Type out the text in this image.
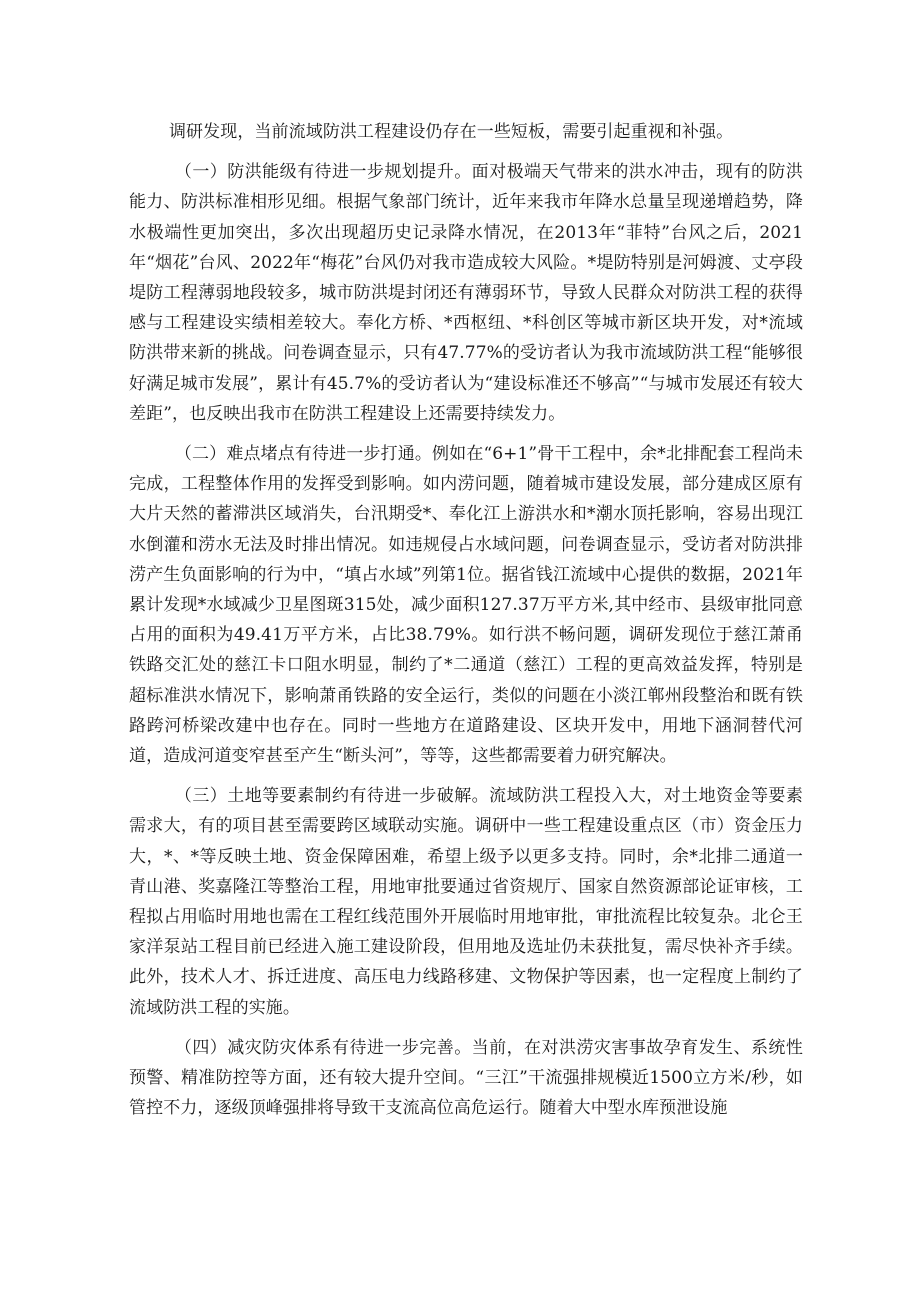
调研发现，当前流域防洪工程建设仍存在一些短板，需要引起重视和补强。

（一）防洪能级有待进一步规划提升。面对极端天气带来的洪水冲击，现有的防洪能力、防洪标准相形见细。根据气象部门统计，近年来我市年降水总量呈现递增趋势，降水极端性更加突出，多次出现超历史记录降水情况，在2013年“菲特”台风之后，2021年“烟花”台风、2022年“梅花”台风仍对我市造成较大风险。*堤防特别是河姆渡、丈亭段堤防工程薄弱地段较多，城市防洪堤封闭还有薄弱环节，导致人民群众对防洪工程的获得感与工程建设实绩相差较大。奉化方桥、*西枢纽、*科创区等城市新区块开发，对*流域防洪带来新的挑战。问卷调查显示，只有47.77%的受访者认为我市流域防洪工程“能够很好满足城市发展”，累计有45.7%的受访者认为“建设标准还不够高”“与城市发展还有较大差距”，也反映出我市在防洪工程建设上还需要持续发力。

（二）难点堵点有待进一步打通。例如在“6+1”骨干工程中，余*北排配套工程尚未完成，工程整体作用的发挥受到影响。如内涝问题，随着城市建设发展，部分建成区原有大片天然的蓄滞洪区域消失，台汛期受*、奉化江上游洪水和*潮水顶托影响，容易出现江水倒灌和涝水无法及时排出情况。如违规侵占水域问题，问卷调查显示，受访者对防洪排涝产生负面影响的行为中，“填占水域”列第1位。据省钱江流域中心提供的数据，2021年累计发现*水域减少卫星图斑315处，减少面积127.37万平方米,其中经市、县级审批同意占用的面积为49.41万平方米，占比38.79%。如行洪不畅问题，调研发现位于慈江萧甬铁路交汇处的慈江卡口阻水明显，制约了*二通道（慈江）工程的更高效益发挥，特别是超标准洪水情况下，影响萧甬铁路的安全运行，类似的问题在小淡江郸州段整治和既有铁路跨河桥梁改建中也存在。同时一些地方在道路建设、区块开发中，用地下涵洞替代河道，造成河道变窄甚至产生“断头河”，等等，这些都需要着力研究解决。

（三）土地等要素制约有待进一步破解。流域防洪工程投入大，对土地资金等要素需求大，有的项目甚至需要跨区域联动实施。调研中一些工程建设重点区（市）资金压力大，*、*等反映土地、资金保障困难，希望上级予以更多支持。同时，余*北排二通道一青山港、奖嘉隆江等整治工程，用地审批要通过省资规厅、国家自然资源部论证审核，工程拟占用临时用地也需在工程红线范围外开展临时用地审批，审批流程比较复杂。北仑王家洋泵站工程目前已经进入施工建设阶段，但用地及选址仍未获批复，需尽快补齐手续。此外，技术人才、拆迁进度、高压电力线路移建、文物保护等因素，也一定程度上制约了流域防洪工程的实施。

（四）减灾防灾体系有待进一步完善。当前，在对洪涝灾害事故孕育发生、系统性预警、精准防控等方面，还有较大提升空间。“三江”干流强排规模近1500立方米/秒，如管控不力，逐级顶峰强排将导致干支流高位高危运行。随着大中型水库预泄设施
